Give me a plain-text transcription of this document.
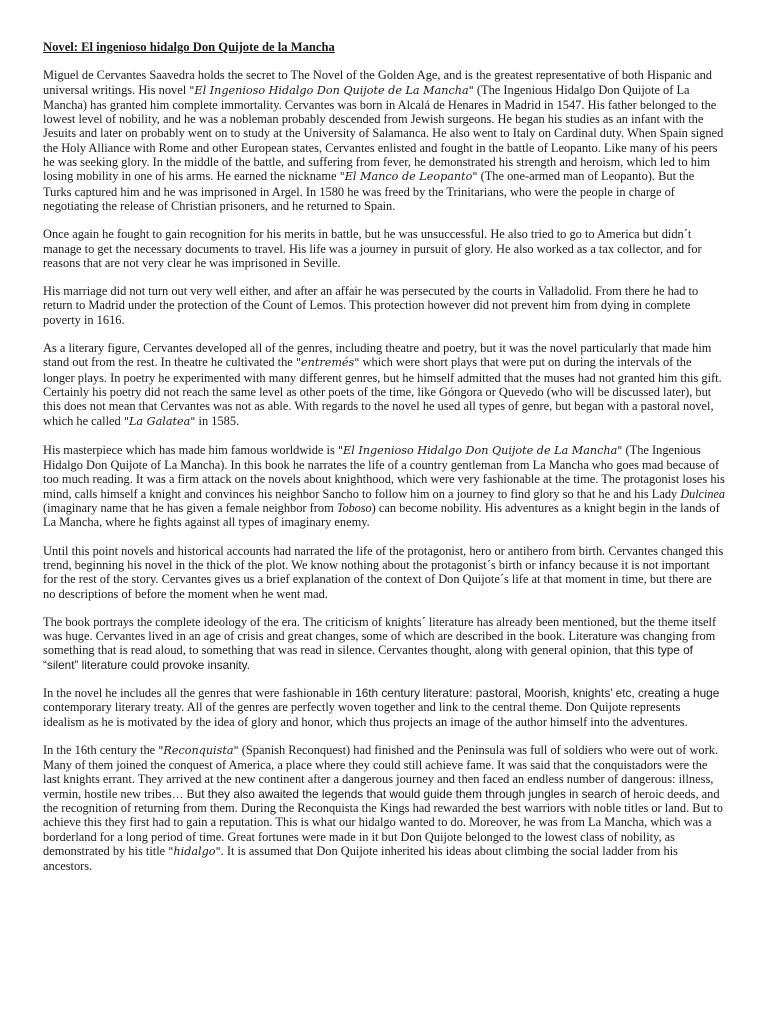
Novel: El ingenioso hidalgo Don Quijote de la Mancha

Miguel de Cervantes Saavedra holds the secret to The Novel of the Golden Age, and is the greatest representative of both Hispanic and universal writings. His novel "El Ingenioso Hidalgo Don Quijote de La Mancha" (The Ingenious Hidalgo Don Quijote of La Mancha) has granted him complete immortality. Cervantes was born in Alcalá de Henares in Madrid in 1547. His father belonged to the lowest level of nobility, and he was a nobleman probably descended from Jewish surgeons. He began his studies as an infant with the Jesuits and later on probably went on to study at the University of Salamanca. He also went to Italy on Cardinal duty. When Spain signed the Holy Alliance with Rome and other European states, Cervantes enlisted and fought in the battle of Leopanto. Like many of his peers he was seeking glory. In the middle of the battle, and suffering from fever, he demonstrated his strength and heroism, which led to him losing mobility in one of his arms. He earned the nickname "El Manco de Leopanto" (The one-armed man of Leopanto). But the Turks captured him and he was imprisoned in Argel. In 1580 he was freed by the Trinitarians, who were the people in charge of negotiating the release of Christian prisoners, and he returned to Spain.

Once again he fought to gain recognition for his merits in battle, but he was unsuccessful. He also tried to go to America but didn´t manage to get the necessary documents to travel. His life was a journey in pursuit of glory. He also worked as a tax collector, and for reasons that are not very clear he was imprisoned in Seville.

His marriage did not turn out very well either, and after an affair he was persecuted by the courts in Valladolid. From there he had to return to Madrid under the protection of the Count of Lemos. This protection however did not prevent him from dying in complete poverty in 1616.

As a literary figure, Cervantes developed all of the genres, including theatre and poetry, but it was the novel particularly that made him stand out from the rest. In theatre he cultivated the "entremés" which were short plays that were put on during the intervals of the longer plays. In poetry he experimented with many different genres, but he himself admitted that the muses had not granted him this gift. Certainly his poetry did not reach the same level as other poets of the time, like Góngora or Quevedo (who will be discussed later), but this does not mean that Cervantes was not as able. With regards to the novel he used all types of genre, but began with a pastoral novel, which he called "La Galatea" in 1585.

His masterpiece which has made him famous worldwide is "El Ingenioso Hidalgo Don Quijote de La Mancha" (The Ingenious Hidalgo Don Quijote of La Mancha). In this book he narrates the life of a country gentleman from La Mancha who goes mad because of too much reading. It was a firm attack on the novels about knighthood, which were very fashionable at the time. The protagonist loses his mind, calls himself a knight and convinces his neighbor Sancho to follow him on a journey to find glory so that he and his Lady Dulcinea (imaginary name that he has given a female neighbor from Toboso) can become nobility. His adventures as a knight begin in the lands of La Mancha, where he fights against all types of imaginary enemy.

Until this point novels and historical accounts had narrated the life of the protagonist, hero or antihero from birth. Cervantes changed this trend, beginning his novel in the thick of the plot. We know nothing about the protagonist´s birth or infancy because it is not important for the rest of the story. Cervantes gives us a brief explanation of the context of Don Quijote´s life at that moment in time, but there are no descriptions of before the moment when he went mad.

The book portrays the complete ideology of the era. The criticism of knights´ literature has already been mentioned, but the theme itself was huge. Cervantes lived in an age of crisis and great changes, some of which are described in the book. Literature was changing from something that is read aloud, to something that was read in silence. Cervantes thought, along with general opinion, that this type of “silent” literature could provoke insanity.

In the novel he includes all the genres that were fashionable in 16th century literature: pastoral, Moorish, knights’ etc, creating a huge contemporary literary treaty. All of the genres are perfectly woven together and link to the central theme. Don Quijote represents idealism as he is motivated by the idea of glory and honor, which thus projects an image of the author himself into the adventures.

In the 16th century the "Reconquista" (Spanish Reconquest) had finished and the Peninsula was full of soldiers who were out of work. Many of them joined the conquest of America, a place where they could still achieve fame. It was said that the conquistadors were the last knights errant. They arrived at the new continent after a dangerous journey and then faced an endless number of dangerous: illness, vermin, hostile new tribes… But they also awaited the legends that would guide them through jungles in search of heroic deeds, and the recognition of returning from them. During the Reconquista the Kings had rewarded the best warriors with noble titles or land. But to achieve this they first had to gain a reputation. This is what our hidalgo wanted to do. Moreover, he was from La Mancha, which was a borderland for a long period of time. Great fortunes were made in it but Don Quijote belonged to the lowest class of nobility, as demonstrated by his title "hidalgo". It is assumed that Don Quijote inherited his ideas about climbing the social ladder from his ancestors.
